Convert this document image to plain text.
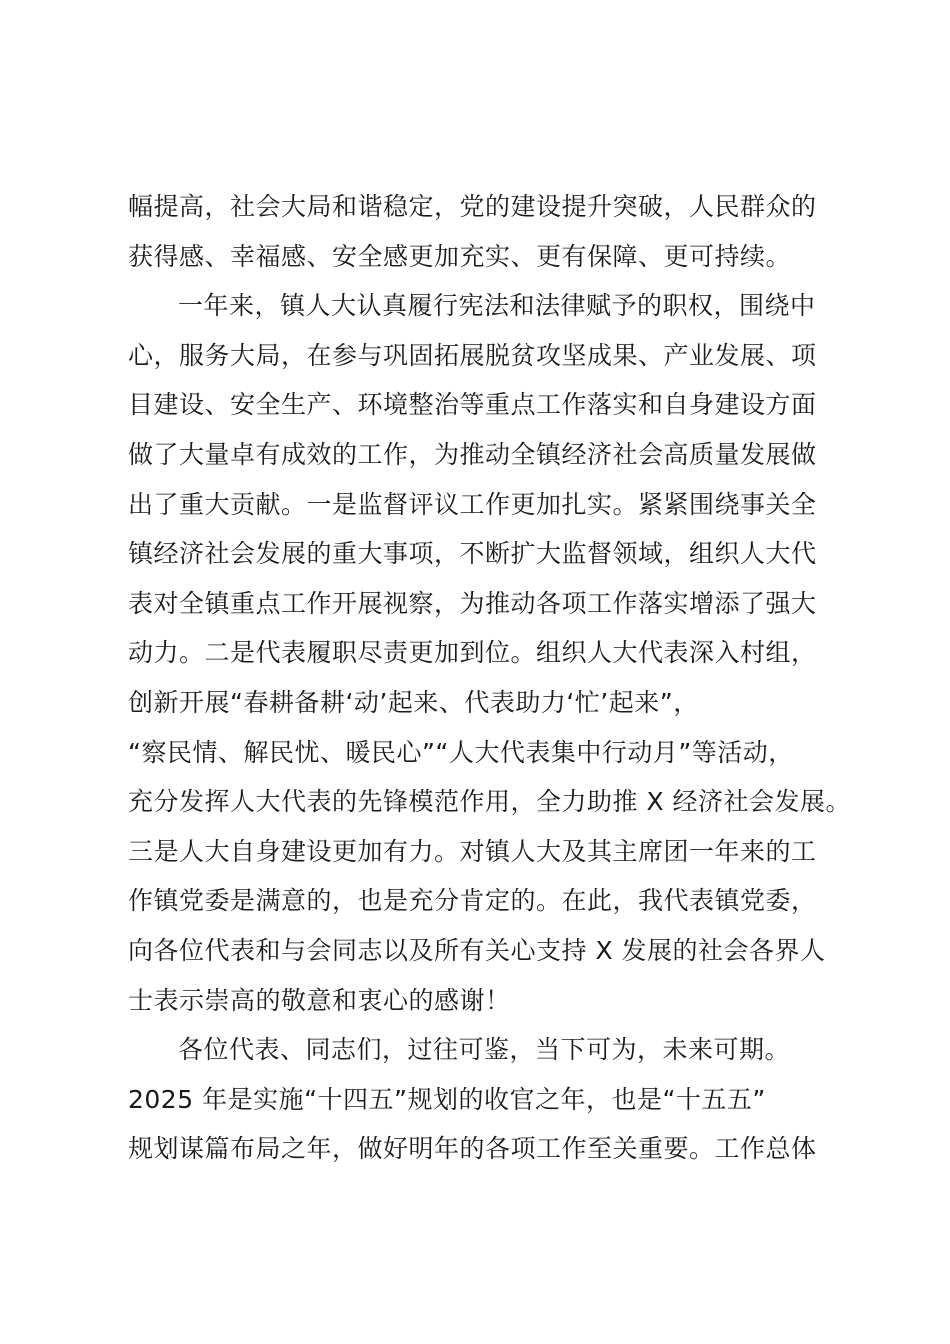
幅提高，社会大局和谐稳定，党的建设提升突破，人民群众的
获得感、幸福感、安全感更加充实、更有保障、更可持续。
一年来，镇人大认真履行宪法和法律赋予的职权，围绕中
心，服务大局，在参与巩固拓展脱贫攻坚成果、产业发展、项
目建设、安全生产、环境整治等重点工作落实和自身建设方面
做了大量卓有成效的工作，为推动全镇经济社会高质量发展做
出了重大贡献。一是监督评议工作更加扎实。紧紧围绕事关全
镇经济社会发展的重大事项，不断扩大监督领域，组织人大代
表对全镇重点工作开展视察，为推动各项工作落实增添了强大
动力。二是代表履职尽责更加到位。组织人大代表深入村组，
创新开展“春耕备耕‘动’起来、代表助力‘忙’起来”，
“察民情、解民忧、暖民心”“人大代表集中行动月”等活动，
充分发挥人大代表的先锋模范作用，全力助推 X 经济社会发展。
三是人大自身建设更加有力。对镇人大及其主席团一年来的工
作镇党委是满意的，也是充分肯定的。在此，我代表镇党委，
向各位代表和与会同志以及所有关心支持 X 发展的社会各界人
士表示崇高的敬意和衷心的感谢！
各位代表、同志们，过往可鉴，当下可为，未来可期。
2025 年是实施“十四五”规划的收官之年，也是“十五五”
规划谋篇布局之年，做好明年的各项工作至关重要。工作总体
